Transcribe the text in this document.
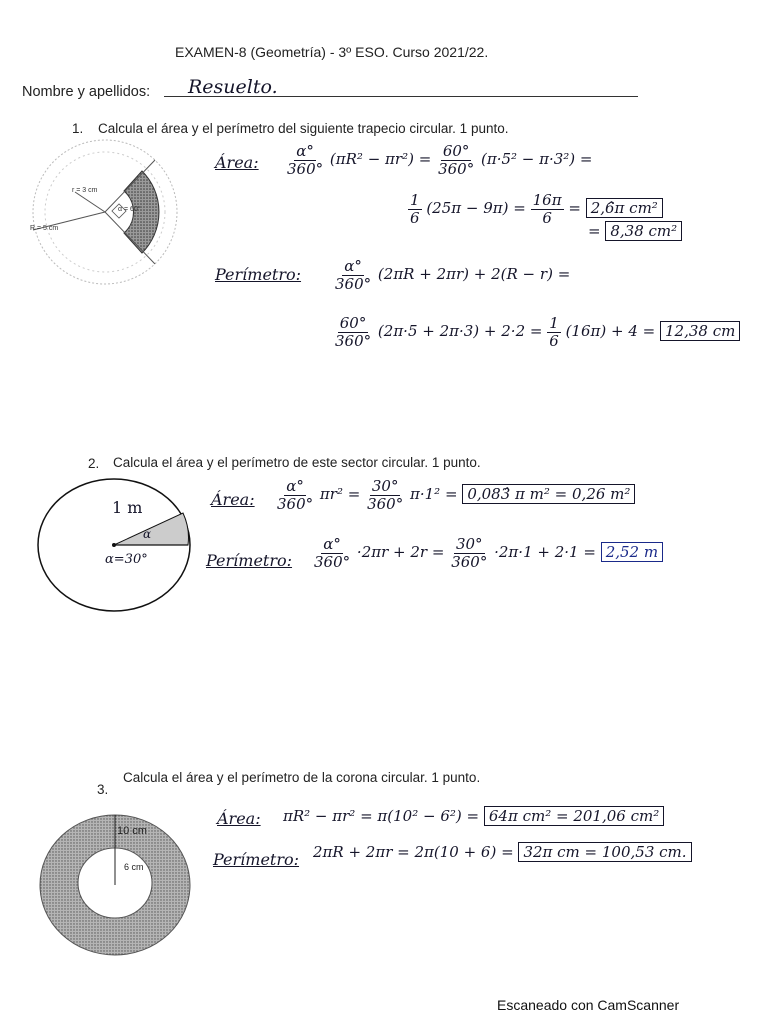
EXAMEN-8 (Geometría) - 3º ESO. Curso 2021/22.
Nombre y apellidos: Resuelto.
1. Calcula el área y el perímetro del siguiente trapecio circular. 1 punto.
r = 3 cm
α = 60°
R = 5 cm
Área: $\frac{\alpha^\circ}{360^\circ} (\pi R^2 - \pi r^2) = \frac{60^\circ}{360^\circ} (\pi\cdot 5^2 - \pi\cdot 3^2)$ =
$\frac{1}{6} (25\pi - 9\pi) = \frac{16\pi}{6}$ = 2,6̂π cm²
= 8,38 cm²
Perímetro: $\frac{\alpha^\circ}{360^\circ} (2\pi R + 2\pi r) + 2(R - r)$ =
$\frac{60^\circ}{360^\circ} (2\pi\cdot 5 + 2\pi\cdot 3) + 2\cdot 2 = \frac{1}{6} (16\pi) + 4 = 12,38$ cm
2. Calcula el área y el perímetro de este sector circular. 1 punto.
1 m
α
α=30°
Área: $\frac{\alpha^\circ}{360^\circ} \pi r^2 = \frac{30^\circ}{360^\circ} \pi\cdot 1^2$ = 0,083̂ π m² = 0,26 m²
Perímetro: $\frac{\alpha^\circ}{360^\circ} \cdot 2\pi r + 2r = \frac{30^\circ}{360^\circ} \cdot 2\pi\cdot 1 + 2\cdot 1 = 2,52$ m
3.
Calcula el área y el perímetro de la corona circular. 1 punto.
10 cm
6 cm
Área: πR² − πr² = π(10² − 6²) = 64π cm² = 201,06 cm²
Perímetro: 2πR + 2πr = 2π(10 + 6) = 32π cm = 100,53 cm.
Escaneado con CamScanner
